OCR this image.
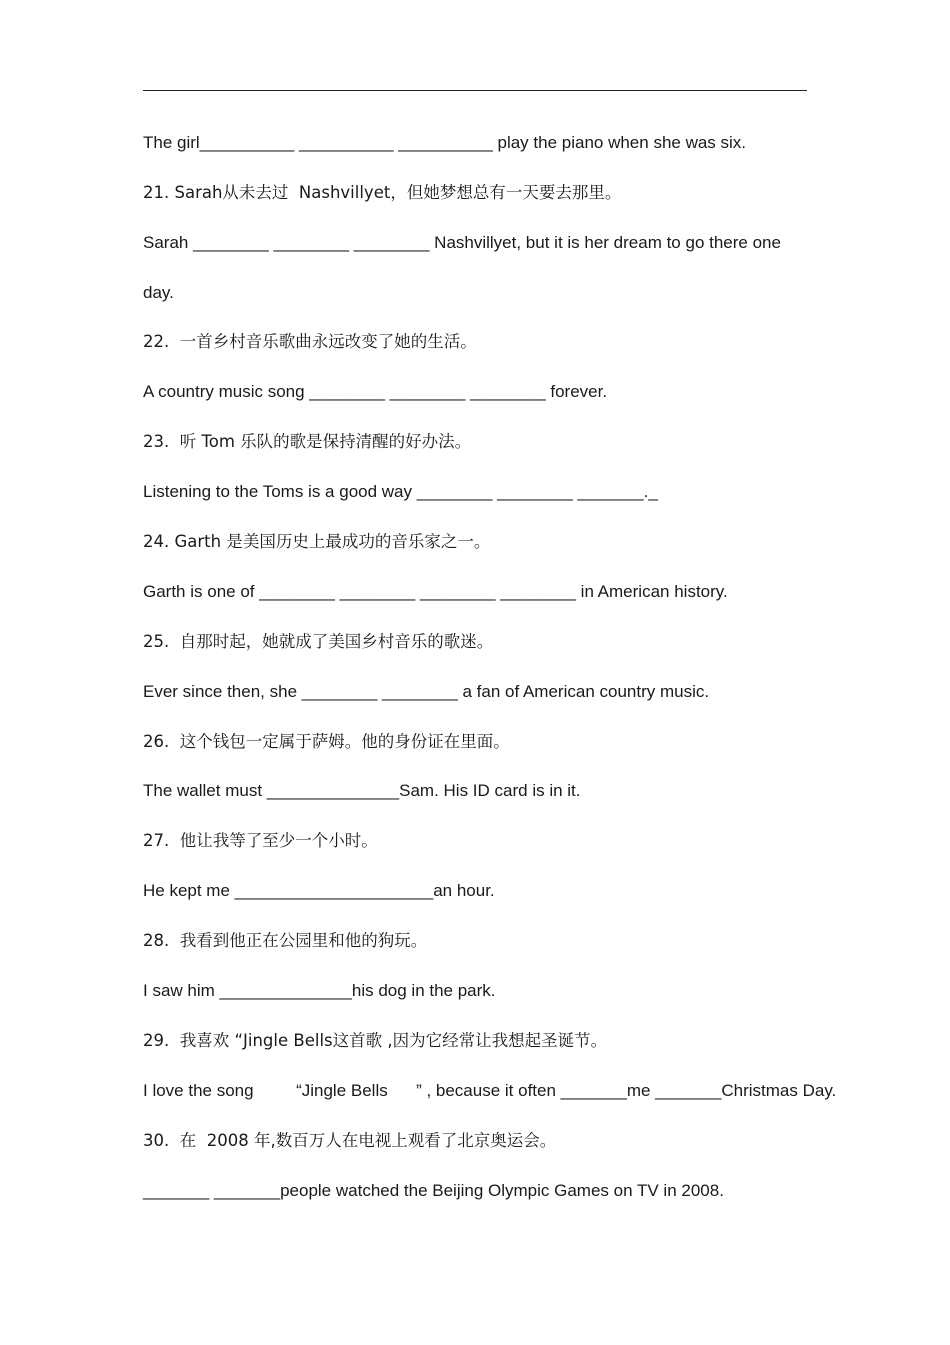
The girl__________ __________ __________ play the piano when she was six.
21. Sarah从未去过  Nashvillyet，但她梦想总有一天要去那里。
Sarah ________ ________ ________ Nashvillyet, but it is her dream to go there one
day.
22.  一首乡村音乐歌曲永远改变了她的生活。
A country music song ________ ________ ________ forever.
23.  听 Tom 乐队的歌是保持清醒的好办法。
Listening to the Toms is a good way ________ ________ _______._
24. Garth 是美国历史上最成功的音乐家之一。
Garth is one of ________ ________ ________ ________ in American history.
25.  自那时起，她就成了美国乡村音乐的歌迷。
Ever since then, she ________ ________ a fan of American country music.
26.  这个钱包一定属于萨姆。他的身份证在里面。
The wallet must ______________Sam. His ID card is in it.
27.  他让我等了至少一个小时。
He kept me _____________________an hour.
28.  我看到他正在公园里和他的狗玩。
I saw him ______________his dog in the park.
29.  我喜欢 “Jingle Bells这首歌 ,因为它经常让我想起圣诞节。
I love the song         “Jingle Bells      ” , because it often _______me _______Christmas Day.
30.  在  2008 年,数百万人在电视上观看了北京奥运会。
_______ _______people watched the Beijing Olympic Games on TV in 2008.
